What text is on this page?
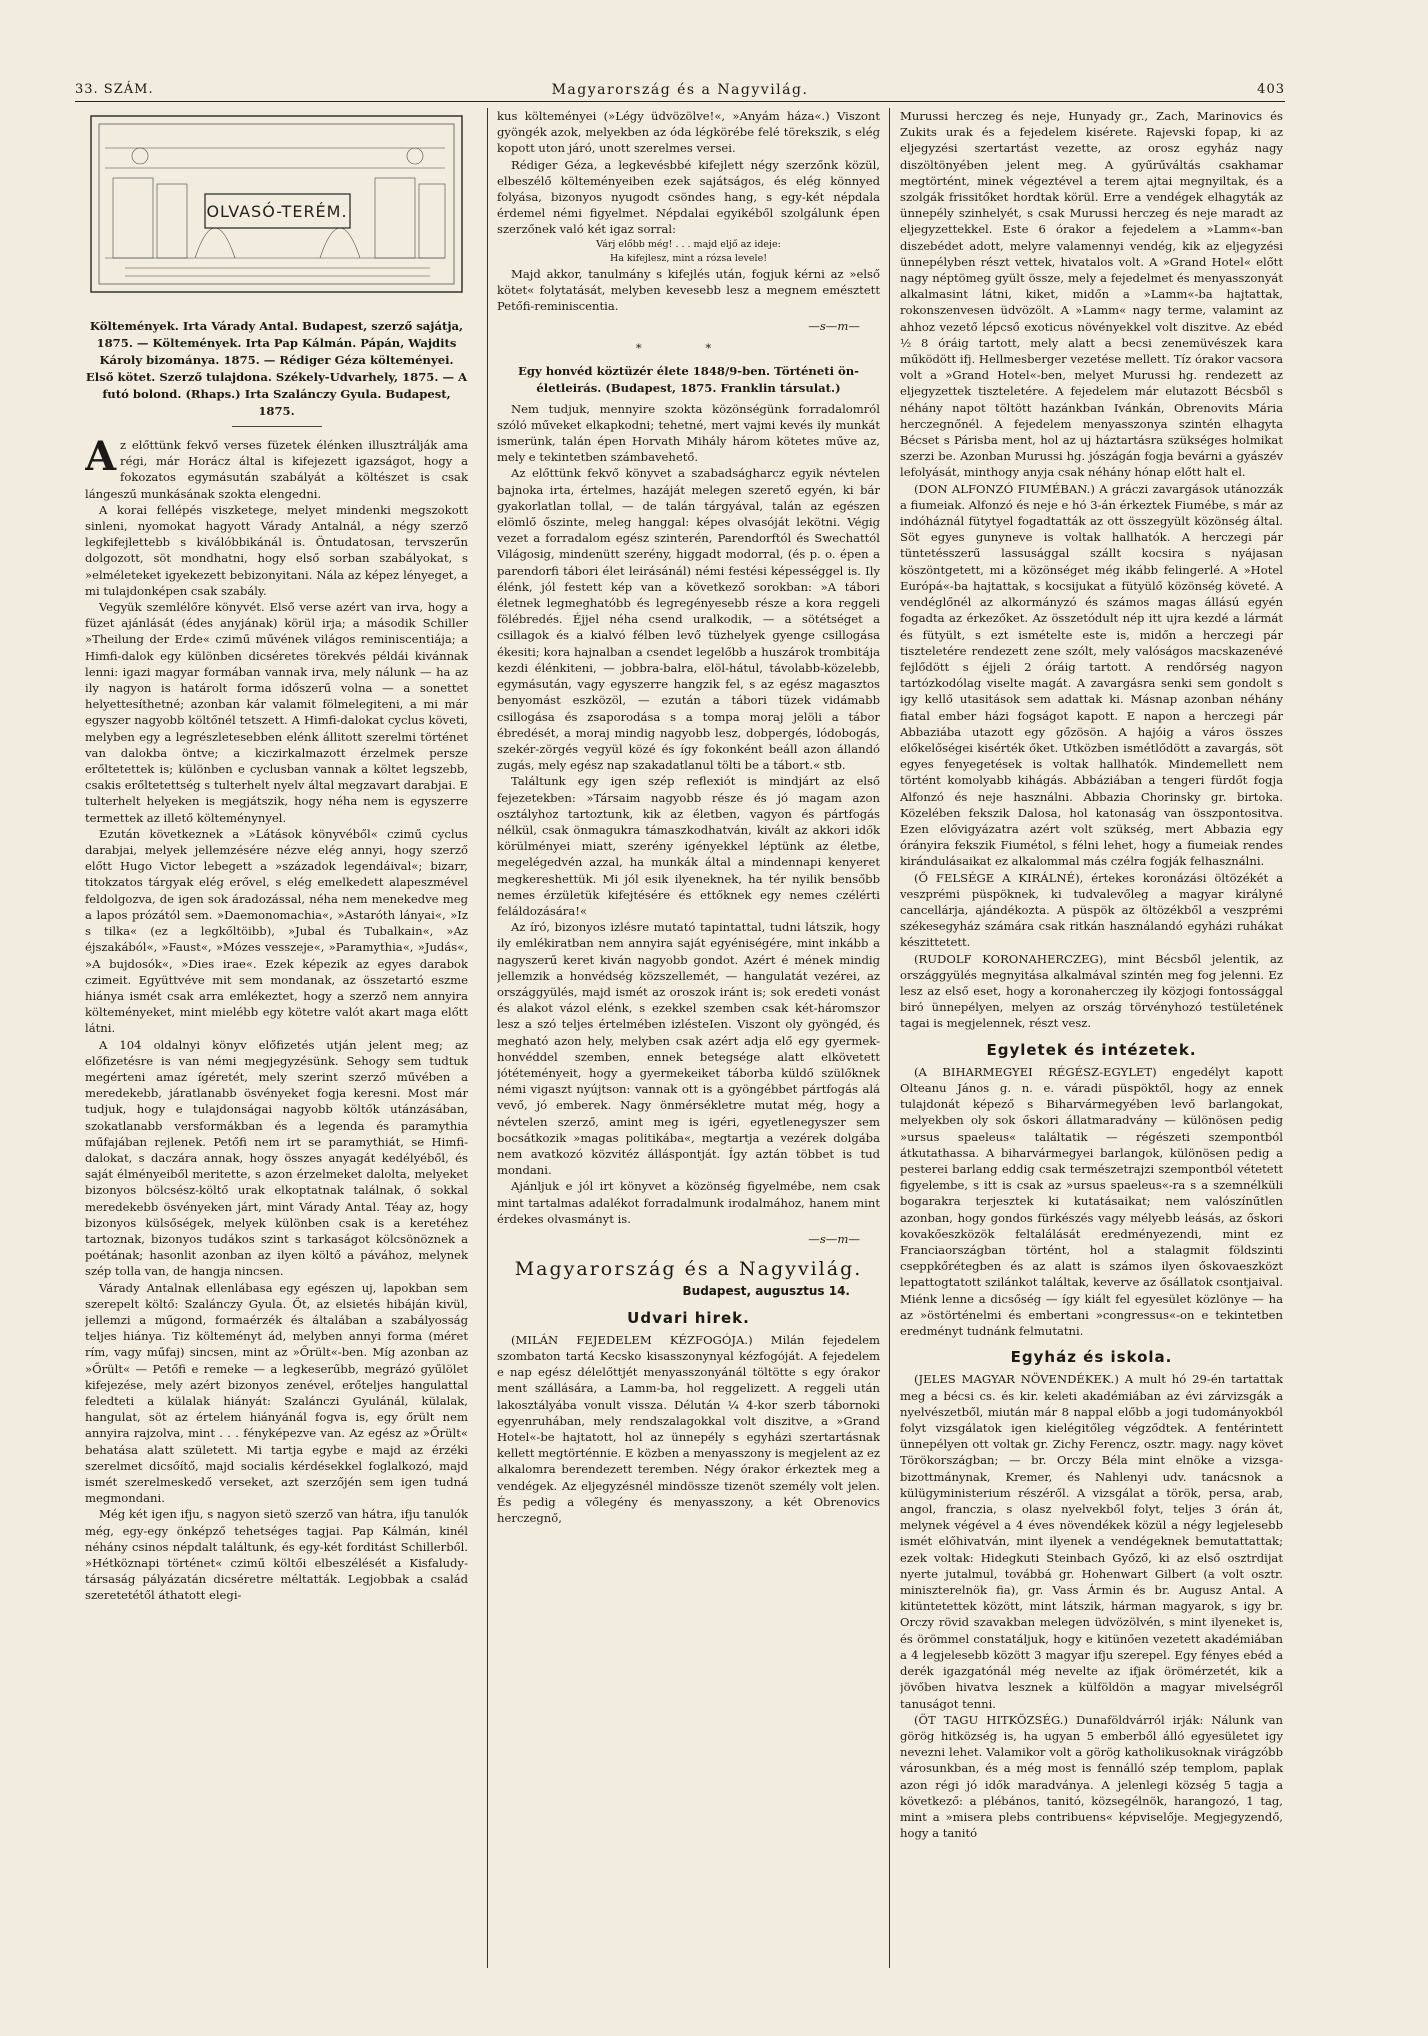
33. SZÁM.	Magyarország és a Nagyvilág.	403
OLVASÓ-TERÉM.

Költemények. Irta Várady Antal. Budapest, szerző sajátja, 1875. — Költemények. Irta Pap Kálmán. Pápán, Wajdits Károly bizománya. 1875. — Rédiger Géza költeményei. Első kötet. Szerző tulajdona. Székely-Udvarhely, 1875. — A futó bolond. (Rhaps.) Irta Szalánczy Gyula. Budapest, 1875.

Az előttünk fekvő verses füzetek élénken illusztrálják ama régi, már Horácz által is kifejezett igazságot, hogy a fokozatos egymásután szabályát a költészet is csak lángeszű munkásának szokta elengedni.

A korai fellépés viszketege, melyet mindenki megszokott sinleni, nyomokat hagyott Várady Antalnál, a négy szerző legkifejlettebb s kiválóbbikánál is. Öntudatosan, tervszerűn dolgozott, söt mondhatni, hogy első sorban szabályokat, s »elméleteket igyekezett bebizonyitani. Nála az képez lényeget, a mi tulajdonképen csak szabály.

Vegyük szemlélőre könyvét. Első verse azért van irva, hogy a füzet ajánlását (édes anyjának) körül irja; a második Schiller »Theilung der Erde« czimű művének világos reminiscentiája; a Himfi-dalok egy különben dicséretes törekvés példái kivánnak lenni: igazi magyar formában vannak irva, mely nálunk — ha az ily nagyon is határolt forma időszerű volna — a sonettet helyettesíthetné; azonban kár valamit fölmelegiteni, a mi már egyszer nagyobb költőnél tetszett. A Himfi-dalokat cyclus követi, melyben egy a legrészletesebben elénk állitott szerelmi történet van dalokba öntve; a kiczirkalmazott érzelmek persze erőltetettek is; különben e cyclusban vannak a költet legszebb, csakis erőltetettség s tulterhelt nyelv által megzavart darabjai. E tulterhelt helyeken is megjátszik, hogy néha nem is egyszerre termettek az illető költeménynyel.

Ezután következnek a »Látások könyvéből« czimű cyclus darabjai, melyek jellemzésére nézve elég annyi, hogy szerző előtt Hugo Victor lebegett a »századok legendáival«; bizarr, titokzatos tárgyak elég erővel, s elég emelkedett alapeszmével feldolgozva, de igen sok áradozással, néha nem menekedve meg a lapos prózától sem. »Daemonomachia«, »Astaróth lányai«, »Iz s tilka« (ez a legkőltöibb), »Jubal és Tubalkain«, »Az éjszakából«, »Faust«, »Mózes vesszeje«, »Paramythia«, »Judás«, »A bujdosók«, »Dies irae«. Ezek képezik az egyes darabok czimeit. Együttvéve mit sem mondanak, az összetartó eszme hiánya ismét csak arra emlékeztet, hogy a szerző nem annyira költeményeket, mint mielébb egy kötetre valót akart maga előtt látni.

A 104 oldalnyi könyv előfizetés utján jelent meg; az előfizetésre is van némi megjegyzésünk. Sehogy sem tudtuk megérteni amaz ígéretét, mely szerint szerző művében a meredekebb, járatlanabb ösvényeket fogja keresni. Most már tudjuk, hogy e tulajdonságai nagyobb költők utánzásában, szokatlanabb versformákban és a legenda és paramythia műfajában rejlenek. Petőfi nem irt se paramythiát, se Himfi-dalokat, s daczára annak, hogy összes anyagát kedélyéből, és saját élményeiből meritette, s azon érzelmeket dalolta, melyeket bizonyos bölcsész-költő urak elkoptatnak találnak, ő sokkal meredekebb ösvényeken járt, mint Várady Antal. Téay az, hogy bizonyos külsőségek, melyek különben csak is a keretéhez tartoznak, bizonyos tudákos szint s tarkaságot kölcsönöznek a poétának; hasonlit azonban az ilyen költő a pávához, melynek szép tolla van, de hangja nincsen.

Várady Antalnak ellenlábasa egy egészen uj, lapokban sem szerepelt költő: Szalánczy Gyula. Őt, az elsietés hibáján kivül, jellemzi a műgond, formaérzék és általában a szabályosság teljes hiánya. Tiz költeményt ád, melyben annyi forma (méret rím, vagy műfaj) sincsen, mint az »Őrült«-ben. Míg azonban az »Őrült« — Petőfi e remeke — a legkeserűbb, megrázó gyűlölet kifejezése, mely azért bizonyos zenével, erőteljes hangulattal feledteti a külalak hiányát: Szalánczi Gyulánál, külalak, hangulat, söt az értelem hiányánál fogva is, egy őrült nem annyira rajzolva, mint . . . fényképezve van. Az egész az »Őrült« behatása alatt született. Mi tartja egybe e majd az érzéki szerelmet dicsőítő, majd socialis kérdésekkel foglalkozó, majd ismét szerelmeskedő verseket, azt szerzőjén sem igen tudná megmondani.

Még két igen ifju, s nagyon sietö szerző van hátra, ifju tanulók még, egy-egy önképző tehetséges tagjai. Pap Kálmán, kinél néhány csinos népdalt találtunk, és egy-két forditást Schillerből. »Hétköznapi történet« czimű költői elbeszélését a Kisfaludy-társaság pályázatán dicséretre méltatták. Legjobbak a család szeretetétől áthatott elegi-

kus költeményei (»Légy üdvözölve!«, »Anyám háza«.) Viszont gyöngék azok, melyekben az óda légkörébe felé törekszik, s elég kopott uton járó, unott szerelmes versei.

Rédiger Géza, a legkevésbbé kifejlett négy szerzőnk közül, elbeszélő költeményeiben ezek sajátságos, és elég könnyed folyása, bizonyos nyugodt csöndes hang, s egy-két népdala érdemel némi figyelmet. Népdalai egyikéből szolgálunk épen szerzőnek való két igaz sorral:

Várj előbb még! . . . majd eljő az ideje:

Ha kifejlesz, mint a rózsa levele!

Majd akkor, tanulmány s kifejlés után, fogjuk kérni az »első kötet« folytatását, melyben kevesebb lesz a megnem emésztett Petőfi-reminiscentia.

—s—m—

* *

Egy honvéd köztüzér élete 1848/9-ben. Történeti ön-életleirás. (Budapest, 1875. Franklin társulat.)

Nem tudjuk, mennyire szokta közönségünk forradalomról szóló műveket elkapkodni; tehetné, mert vajmi kevés ily munkát ismerünk, talán épen Horvath Mihály három kötetes műve az, mely e tekintetben számbavehető.

Az előttünk fekvő könyvet a szabadságharcz egyik névtelen bajnoka irta, értelmes, hazáját melegen szerető egyén, ki bár gyakorlatlan tollal, — de talán tárgyával, talán az egészen elömlő őszinte, meleg hanggal: képes olvasóját lekötni. Végig vezet a forradalom egész szinterén, Parendorftól és Swechattól Világosig, mindenütt szerény, higgadt modorral, (és p. o. épen a parendorfi tábori élet leirásánál) némi festési képességgel is. Ily élénk, jól festett kép van a következő sorokban: »A tábori életnek legmeghatóbb és legregényesebb része a kora reggeli fölébredés. Éjjel néha csend uralkodik, — a sötétséget a csillagok és a kialvó félben levő tüzhelyek gyenge csillogása ékesiti; kora hajnalban a csendet legelőbb a huszárok trombitája kezdi élénkiteni, — jobbra-balra, elöl-hátul, távolabb-közelebb, egymásután, vagy egyszerre hangzik fel, s az egész magasztos benyomást eszközöl, — ezután a tábori tüzek vidámabb csillogása és zsaporodása s a tompa moraj jelöli a tábor ébredését, a moraj mindig nagyobb lesz, dobpergés, lódobogás, szekér-zörgés vegyül közé és így fokonként beáll azon állandó zugás, mely egész nap szakadatlanul tölti be a tábort.« stb.

Találtunk egy igen szép reflexiót is mindjárt az első fejezetekben: »Társaim nagyobb része és jó magam azon osztályhoz tartoztunk, kik az életben, vagyon és pártfogás nélkül, csak önmagukra támaszkodhatván, kivált az akkori idők körülményei miatt, szerény igényekkel léptünk az életbe, megelégedvén azzal, ha munkák által a mindennapi kenyeret megkereshettük. Mi jól esik ilyeneknek, ha tér nyilik bensőbb nemes érzületük kifejtésére és ettőknek egy nemes czélérti feláldozására!«

Az író, bizonyos izlésre mutató tapintattal, tudni látszik, hogy ily emlékiratban nem annyira saját egyéniségére, mint inkább a nagyszerű keret kiván nagyobb gondot. Azért é mének mindig jellemzik a honvédség közszellemét, — hangulatát vezérei, az országgyülés, majd ismét az oroszok iránt is; sok eredeti vonást és alakot vázol elénk, s ezekkel szemben csak két-háromszor lesz a szó teljes értelmében izlésteIen. Viszont oly gyöngéd, és megható azon hely, melyben csak azért adja elő egy gyermek-honvéddel szemben, ennek betegsége alatt elkövetett jótéteményeit, hogy a gyermekeiket táborba küldő szülőknek némi vigaszt nyújtson: vannak ott is a gyöngébbet pártfogás alá vevő, jó emberek. Nagy önmérsékletre mutat még, hogy a névtelen szerző, amint meg is igéri, egyetlenegyszer sem bocsátkozik »magas politikába«, megtartja a vezérek dolgába nem avatkozó közvitéz álláspontját. Így aztán többet is tud mondani.

Ajánljuk e jól irt könyvet a közönség figyelmébe, nem csak mint tartalmas adalékot forradalmunk irodalmához, hanem mint érdekes olvasmányt is.

—s—m—

Magyarország és a Nagyvilág.

Budapest, augusztus 14.

Udvari hirek.

(MILÁN FEJEDELEM KÉZFOGÓJA.) Milán fejedelem szombaton tartá Kecsko kisasszonynyal kézfogóját. A fejedelem e nap egész délelőttjét menyasszonyánál töltötte s egy órakor ment szállására, a Lamm-ba, hol reggelizett. A reggeli után lakosztályába vonult vissza. Délután ¼ 4-kor szerb tábornoki egyenruhában, mely rendszalagokkal volt diszitve, a »Grand Hotel«-be hajtatott, hol az ünnepély s egyházi szertartásnak kellett megtörténnie. E közben a menyasszony is megjelent az ez alkalomra berendezett teremben. Négy órakor érkeztek meg a vendégek. Az eljegyzésnél mindössze tizenöt személy volt jelen. És pedig a vőlegény és menyasszony, a két Obrenovics herczegnő,

Murussi herczeg és neje, Hunyady gr., Zach, Marinovics és Zukits urak és a fejedelem kisérete. Rajevski fopap, ki az eljegyzési szertartást vezette, az orosz egyház nagy diszöltönyében jelent meg. A gyűrűváltás csakhamar megtörtént, minek végeztével a terem ajtai megnyiltak, és a szolgák frissitőket hordtak körül. Erre a vendégek elhagyták az ünnepély szinhelyét, s csak Murussi herczeg és neje maradt az eljegyzettekkel. Este 6 órakor a fejedelem a »Lamm«-ban diszebédet adott, melyre valamennyi vendég, kik az eljegyzési ünnepélyben részt vettek, hivatalos volt. A »Grand Hotel« előtt nagy néptömeg gyült össze, mely a fejedelmet és menyasszonyát alkalmasint látni, kiket, midőn a »Lamm«-ba hajtattak, rokonszenvesen üdvözölt. A »Lamm« nagy terme, valamint az ahhoz vezető lépcső exoticus növényekkel volt diszitve. Az ebéd ½ 8 óráig tartott, mely alatt a becsi zenemüvészek kara működött ifj. Hellmesberger vezetése mellett. Tíz órakor vacsora volt a »Grand Hotel«-ben, melyet Murussi hg. rendezett az eljegyzettek tiszteletére. A fejedelem már elutazott Bécsből s néhány napot töltött hazánkban Ivánkán, Obrenovits Mária herczegnőnél. A fejedelem menyasszonya szintén elhagyta Bécset s Párisba ment, hol az uj háztartásra szükséges holmikat szerzi be. Azonban Murussi hg. jószágán fogja bevárni a gyászév lefolyását, minthogy anyja csak néhány hónap előtt halt el.

(DON ALFONZÓ FIUMÉBAN.) A gráczi zavargások utánozzák a fiumeiak. Alfonzó és neje e hó 3-án érkeztek Fiumébe, s már az indóháznál fütytyel fogadtatták az ott összegyült közönség által. Söt egyes gunyneve is voltak hallhatók. A herczegi pár tüntetésszerű lassusággal szállt kocsira s nyájasan köszöntgetett, mi a közönséget még ikább felingerlé. A »Hotel Európá«-ba hajtattak, s kocsijukat a fütyülő közönség követé. A vendéglőnél az alkormányzó és számos magas állású egyén fogadta az érkezőket. Az összetódult nép itt ujra kezdé a lármát és fütyült, s ezt ismételte este is, midőn a herczegi pár tiszteletére rendezett zene szólt, mely valóságos macskazenévé fejlődött s éjjeli 2 óráig tartott. A rendőrség nagyon tartózkodólag viselte magát. A zavargásra senki sem gondolt s igy kellő utasitások sem adattak ki. Másnap azonban néhány fiatal ember házi fogságot kapott. E napon a herczegi pár Abbaziába utazott egy gőzösön. A hajóig a város összes előkelőségei kisérték őket. Utközben ismétlődött a zavargás, söt egyes fenyegetések is voltak hallhatók. Mindemellett nem történt komolyabb kihágás. Abbáziában a tengeri fürdőt fogja Alfonzó és neje használni. Abbazia Chorinsky gr. birtoka. Közelében fekszik Dalosa, hol katonaság van összpontositva. Ezen elővigyázatra azért volt szükség, mert Abbazia egy órányira fekszik Fiumétol, s félni lehet, hogy a fiumeiak rendes kirándulásaikat ez alkalommal más czélra fogják felhasználni.

(Ő FELSÉGE A KIRÁLNÉ), értekes koronázási öltözékét a veszprémi püspöknek, ki tudvalevőleg a magyar királyné cancellárja, ajándékozta. A püspök az öltözékből a veszprémi székesegyház számára csak ritkán használandó egyházi ruhákat készittetett.

(RUDOLF KORONAHERCZEG), mint Bécsből jelentik, az országgyülés megnyitása alkalmával szintén meg fog jelenni. Ez lesz az első eset, hogy a koronaherczeg ily közjogi fontossággal biró ünnepélyen, melyen az ország törvényhozó testületének tagai is megjelennek, részt vesz.

Egyletek és intézetek.

(A BIHARMEGYEI RÉGÉSZ-EGYLET) engedélyt kapott Olteanu János g. n. e. váradi püspöktől, hogy az ennek tulajdonát képező s Biharvármegyében levő barlangokat, melyekben oly sok őskori állatmaradvány — különösen pedig »ursus spaeleus« találtatik — régészeti szempontból átkutathassa. A biharvármegyei barlangok, különösen pedig a pesterei barlang eddig csak természetrajzi szempontból vétetett figyelembe, s itt is csak az »ursus spaeleus«-ra s a szemnélküli bogarakra terjesztek ki kutatásaikat; nem valószínűtlen azonban, hogy gondos fürkészés vagy mélyebb leásás, az őskori kovakőeszközök feltalálását eredményezendi, mint ez Franciaországban történt, hol a stalagmit földszinti cseppkőrétegben és az alatt is számos ilyen őskovaeszközt lepattogtatott szilánkot találtak, keverve az ősállatok csontjaival. Miénk lenne a dicsőség — így kiált fel egyesület közlönye — ha az »östörténelmi és embertani »congressus«-on e tekintetben eredményt tudnánk felmutatni.

Egyház és iskola.

(JELES MAGYAR NÖVENDÉKEK.) A mult hó 29-én tartattak meg a bécsi cs. és kir. keleti akadémiában az évi zárvizsgák a nyelvészetből, miután már 8 nappal előbb a jogi tudományokból folyt vizsgálatok igen kielégitőleg végződtek. A fentérintett ünnepélyen ott voltak gr. Zichy Ferencz, osztr. magy. nagy követ Törökországban; — br. Orczy Béla mint elnöke a vizsga-bizottmánynak, Kremer, és Nahlenyi udv. tanácsnok a külügyministerium részéről. A vizsgálat a török, persa, arab, angol, franczia, s olasz nyelvekből folyt, teljes 3 órán át, melynek végével a 4 éves növendékek közül a négy legjelesebb ismét előhivatván, mint ilyenek a vendégeknek bemutattattak; ezek voltak: Hidegkuti Steinbach Győző, ki az első osztrdijat nyerte jutalmul, továbbá gr. Hohenwart Gilbert (a volt osztr. miniszterelnök fia), gr. Vass Ármin és br. Augusz Antal. A kitüntetettek között, mint látszik, hárman magyarok, s igy br. Orczy rövid szavakban melegen üdvözölvén, s mint ilyeneket is, és örömmel constatáljuk, hogy e kitünően vezetett akadémiában a 4 legjelesebb között 3 magyar ifju szerepel. Egy fényes ebéd a derék igazgatónál még nevelte az ifjak örömérzetét, kik a jövőben hivatva lesznek a külföldön a magyar mivelségről tanuságot tenni.

(ÖT TAGU HITKÖZSÉG.) Dunaföldvárról irják: Nálunk van görög hitközség is, ha ugyan 5 emberből álló egyesületet igy nevezni lehet. Valamikor volt a görög katholikusoknak virágzóbb városunkban, és a még most is fennálló szép templom, paplak azon régi jó idők maradványa. A jelenlegi község 5 tagja a következő: a plébános, tanitó, közsegélnök, harangozó, 1 tag, mint a »misera plebs contribuens« képviselője. Megjegyzendő, hogy a tanitó
